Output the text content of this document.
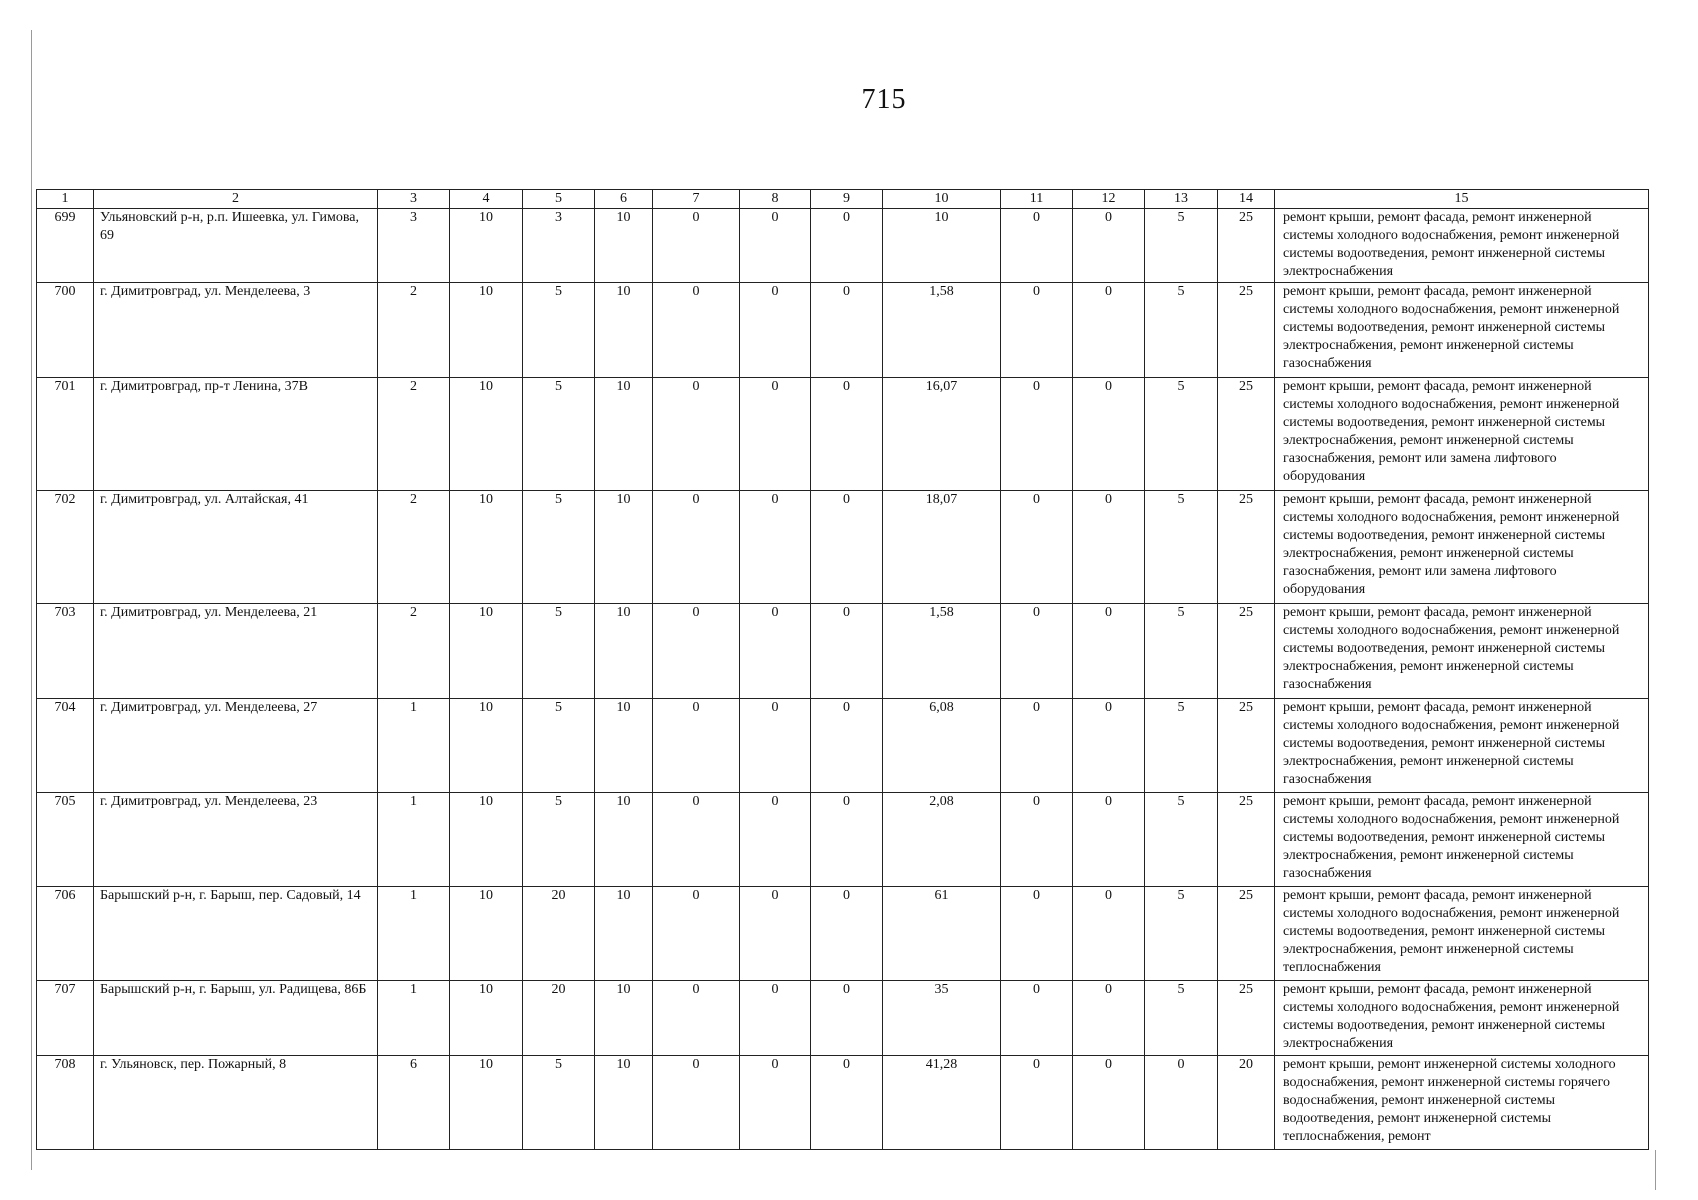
715
1	2	3	4	5	6	7	8	9	10	11	12	13	14	15
699	Ульяновский р-н, р.п. Ишеевка, ул. Гимова, 69	3	10	3	10	0	0	0	10	0	0	5	25	ремонт крыши, ремонт фасада, ремонт инженерной системы холодного водоснабжения, ремонт инженерной системы водоотведения, ремонт инженерной системы электроснабжения
700	г. Димитровград, ул. Менделеева, 3	2	10	5	10	0	0	0	1,58	0	0	5	25	ремонт крыши, ремонт фасада, ремонт инженерной системы холодного водоснабжения, ремонт инженерной системы водоотведения, ремонт инженерной системы электроснабжения, ремонт инженерной системы газоснабжения
701	г. Димитровград, пр-т Ленина, 37В	2	10	5	10	0	0	0	16,07	0	0	5	25	ремонт крыши, ремонт фасада, ремонт инженерной системы холодного водоснабжения, ремонт инженерной системы водоотведения, ремонт инженерной системы электроснабжения, ремонт инженерной системы газоснабжения, ремонт или замена лифтового оборудования
702	г. Димитровград, ул. Алтайская, 41	2	10	5	10	0	0	0	18,07	0	0	5	25	ремонт крыши, ремонт фасада, ремонт инженерной системы холодного водоснабжения, ремонт инженерной системы водоотведения, ремонт инженерной системы электроснабжения, ремонт инженерной системы газоснабжения, ремонт или замена лифтового оборудования
703	г. Димитровград, ул. Менделеева, 21	2	10	5	10	0	0	0	1,58	0	0	5	25	ремонт крыши, ремонт фасада, ремонт инженерной системы холодного водоснабжения, ремонт инженерной системы водоотведения, ремонт инженерной системы электроснабжения, ремонт инженерной системы газоснабжения
704	г. Димитровград, ул. Менделеева, 27	1	10	5	10	0	0	0	6,08	0	0	5	25	ремонт крыши, ремонт фасада, ремонт инженерной системы холодного водоснабжения, ремонт инженерной системы водоотведения, ремонт инженерной системы электроснабжения, ремонт инженерной системы газоснабжения
705	г. Димитровград, ул. Менделеева, 23	1	10	5	10	0	0	0	2,08	0	0	5	25	ремонт крыши, ремонт фасада, ремонт инженерной системы холодного водоснабжения, ремонт инженерной системы водоотведения, ремонт инженерной системы электроснабжения, ремонт инженерной системы газоснабжения
706	Барышский р-н, г. Барыш, пер. Садовый, 14	1	10	20	10	0	0	0	61	0	0	5	25	ремонт крыши, ремонт фасада, ремонт инженерной системы холодного водоснабжения, ремонт инженерной системы водоотведения, ремонт инженерной системы электроснабжения, ремонт инженерной системы теплоснабжения
707	Барышский р-н, г. Барыш, ул. Радищева, 86Б	1	10	20	10	0	0	0	35	0	0	5	25	ремонт крыши, ремонт фасада, ремонт инженерной системы холодного водоснабжения, ремонт инженерной системы водоотведения, ремонт инженерной системы электроснабжения
708	г. Ульяновск, пер. Пожарный, 8	6	10	5	10	0	0	0	41,28	0	0	0	20	ремонт крыши, ремонт инженерной системы холодного водоснабжения, ремонт инженерной системы горячего водоснабжения, ремонт инженерной системы водоотведения, ремонт инженерной системы теплоснабжения, ремонт
